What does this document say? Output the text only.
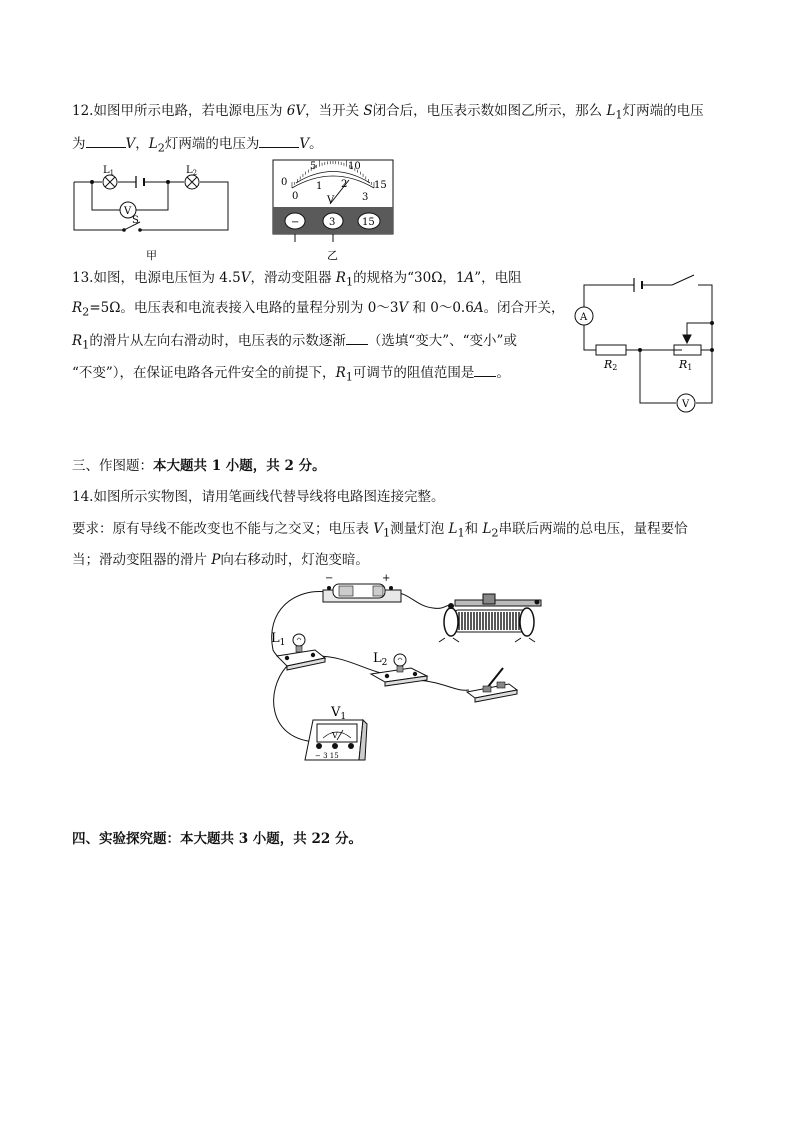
12.如图甲所示电路，若电源电压为 6V，当开关 S闭合后，电压表示数如图乙所示，那么 $L_1$灯两端的电压
为	V，$L_2$灯两端的电压为	V。
$L_1$	$L_2$
V
S
甲
0
5	10
15
0
1 2
3
V
−	3	15
乙
13.如图，电源电压恒为 4.5V，滑动变阻器 $R_1$的规格为“30Ω，1A”，电阻
$R_2=5\Omega$。电压表和电流表接入电路的量程分别为 0～3V 和 0～0.6A。闭合开关，
$R_1$的滑片从左向右滑动时，电压表的示数逐渐 （选填“变大”、“变小”或
“不变”），在保证电路各元件安全的前提下，$R_1$可调节的阻值范围是 。
A
V
R2	R1
三、作图题：本大题共 1 小题，共 2 分。
14.如图所示实物图，请用笔画线代替导线将电路图连接完整。
要求：原有导线不能改变也不能与之交叉；电压表 $V_1$测量灯泡 $L_1$和 $L_2$串联后两端的总电压，量程要恰
当；滑动变阻器的滑片 P向右移动时，灯泡变暗。
−	+
$L_1$
$L_2$
V
− 3 15
$V_1$
四、实验探究题：本大题共 3 小题，共 22 分。
